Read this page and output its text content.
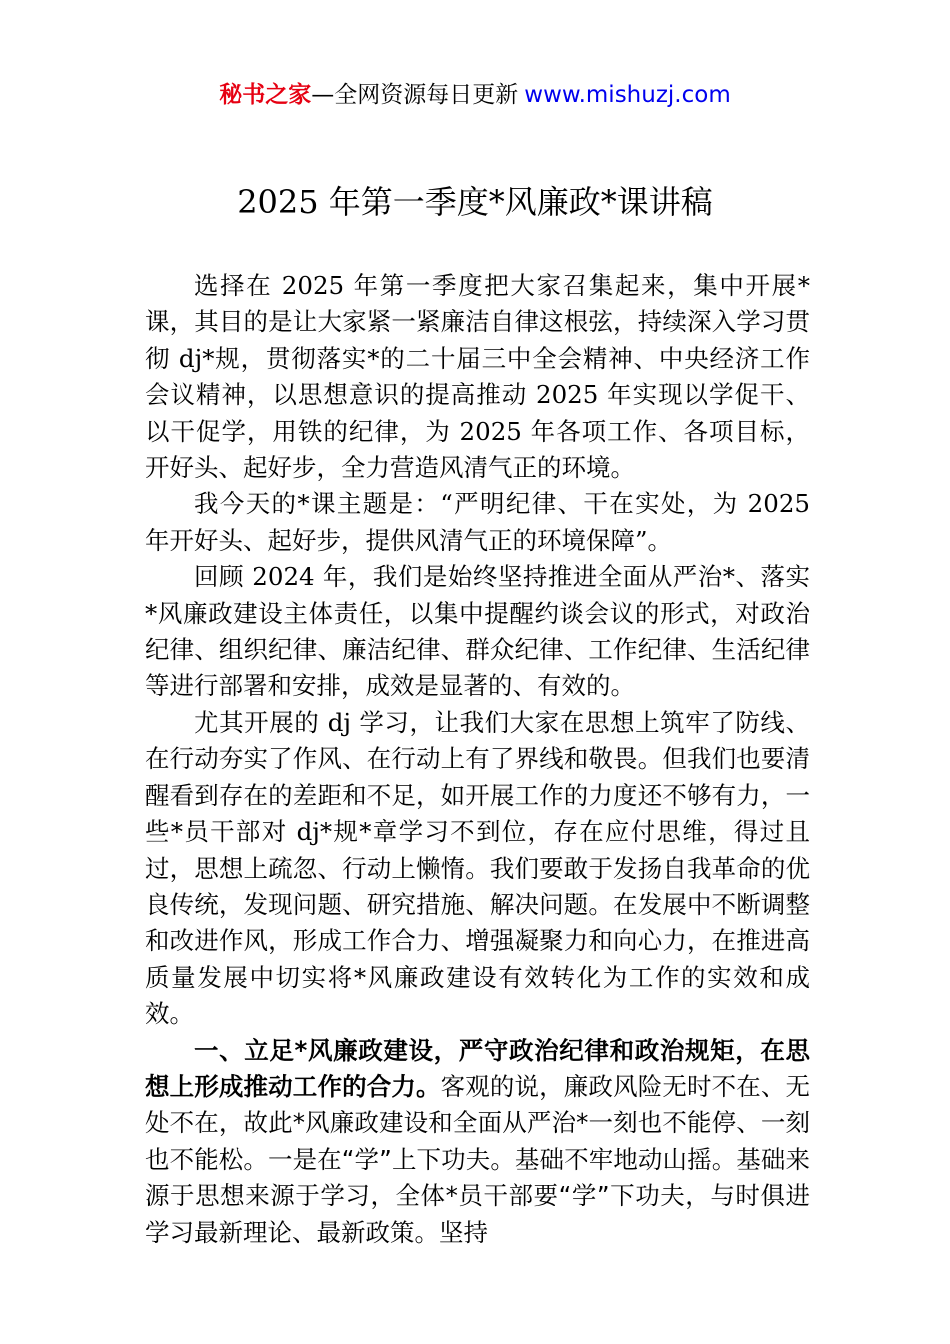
秘书之家—全网资源每日更新 www.mishuzj.com
2025 年第一季度*风廉政*课讲稿

选择在 2025 年第一季度把大家召集起来，集中开展*课，其目的是让大家紧一紧廉洁自律这根弦，持续深入学习贯彻 dj*规，贯彻落实*的二十届三中全会精神、中央经济工作会议精神，以思想意识的提高推动 2025 年实现以学促干、以干促学，用铁的纪律，为 2025 年各项工作、各项目标，开好头、起好步，全力营造风清气正的环境。

我今天的*课主题是：“严明纪律、干在实处，为 2025 年开好头、起好步，提供风清气正的环境保障”。

回顾 2024 年，我们是始终坚持推进全面从严治*、落实*风廉政建设主体责任，以集中提醒约谈会议的形式，对政治纪律、组织纪律、廉洁纪律、群众纪律、工作纪律、生活纪律等进行部署和安排，成效是显著的、有效的。

尤其开展的 dj 学习，让我们大家在思想上筑牢了防线、在行动夯实了作风、在行动上有了界线和敬畏。但我们也要清醒看到存在的差距和不足，如开展工作的力度还不够有力，一些*员干部对 dj*规*章学习不到位，存在应付思维，得过且过，思想上疏忽、行动上懒惰。我们要敢于发扬自我革命的优良传统，发现问题、研究措施、解决问题。在发展中不断调整和改进作风，形成工作合力、增强凝聚力和向心力，在推进高质量发展中切实将*风廉政建设有效转化为工作的实效和成效。

一、立足*风廉政建设，严守政治纪律和政治规矩，在思想上形成推动工作的合力。客观的说，廉政风险无时不在、无处不在，故此*风廉政建设和全面从严治*一刻也不能停、一刻也不能松。一是在“学”上下功夫。基础不牢地动山摇。基础来源于思想来源于学习，全体*员干部要“学”下功夫，与时俱进学习最新理论、最新政策。坚持
